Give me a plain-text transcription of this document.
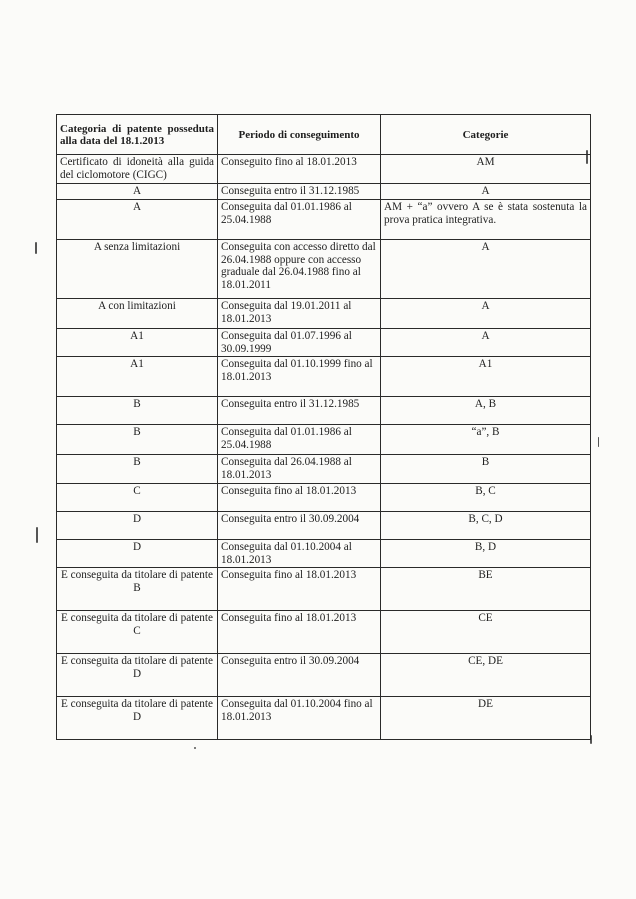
Categoria di patente posseduta alla data del 18.1.2013	Periodo di conseguimento	Categorie
Certificato di idoneità alla guida del ciclomotore (CIGC)	Conseguito fino al 18.01.2013	AM
A	Conseguita entro il 31.12.1985	A
A	Conseguita dal 01.01.1986 al 25.04.1988	AM + “a” ovvero A se è stata sostenuta la prova pratica integrativa.
A senza limitazioni	Conseguita con accesso diretto dal 26.04.1988 oppure con accesso graduale dal 26.04.1988 fino al 18.01.2011	A
A con limitazioni	Conseguita dal 19.01.2011 al 18.01.2013	A
A1	Conseguita dal 01.07.1996 al 30.09.1999	A
A1	Conseguita dal 01.10.1999 fino al 18.01.2013	A1
B	Conseguita entro il 31.12.1985	A, B
B	Conseguita dal 01.01.1986 al 25.04.1988	“a”, B
B	Conseguita dal 26.04.1988 al 18.01.2013	B
C	Conseguita fino al 18.01.2013	B, C
D	Conseguita entro il 30.09.2004	B, C, D
D	Conseguita dal 01.10.2004 al 18.01.2013	B, D
E conseguita da titolare di patente B	Conseguita fino al 18.01.2013	BE
E conseguita da titolare di patente C	Conseguita fino al 18.01.2013	CE
E conseguita da titolare di patente D	Conseguita entro il 30.09.2004	CE, DE
E conseguita da titolare di patente D	Conseguita dal 01.10.2004 fino al 18.01.2013	DE
